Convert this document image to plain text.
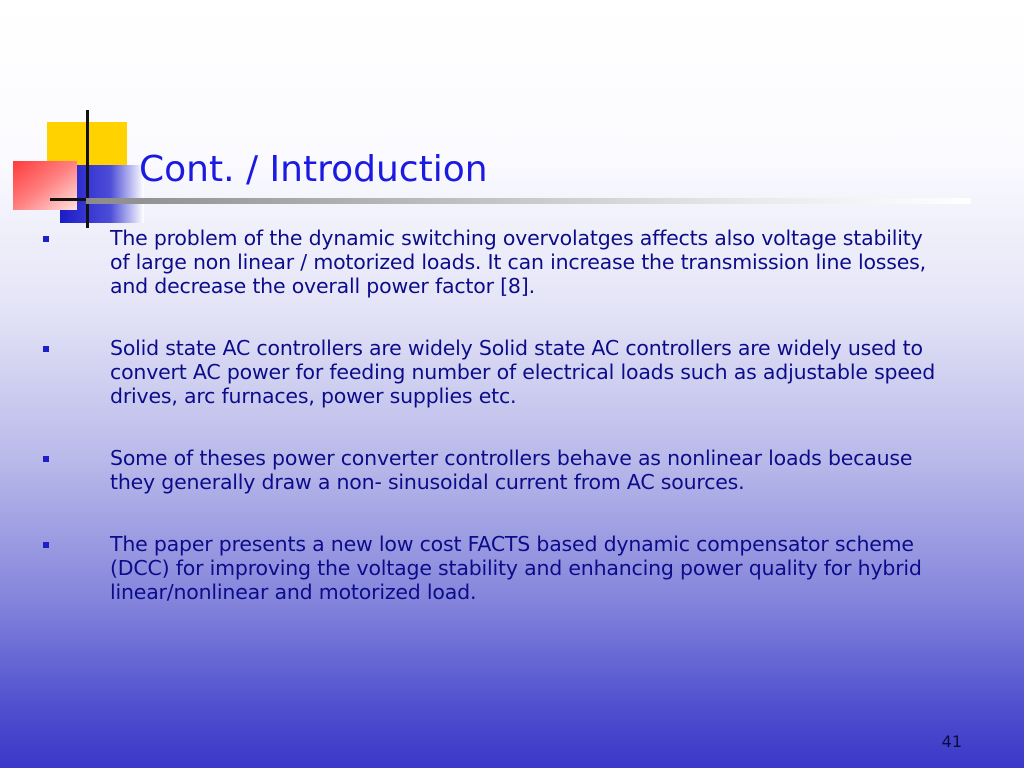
Cont. / Introduction
The problem of the dynamic switching overvolatges affects also voltage stability of large non linear / motorized loads. It can increase the transmission line losses, and decrease the overall power factor [8].
Solid state AC controllers are widely Solid state AC controllers are widely used to convert AC power for feeding number of electrical loads such as adjustable speed drives, arc furnaces, power supplies etc.
Some of theses power converter controllers behave as nonlinear loads because they generally draw a non- sinusoidal current from AC sources.
The paper presents a new low cost FACTS based dynamic compensator scheme (DCC) for improving the voltage stability and enhancing power quality for hybrid linear/nonlinear and motorized load.
41
